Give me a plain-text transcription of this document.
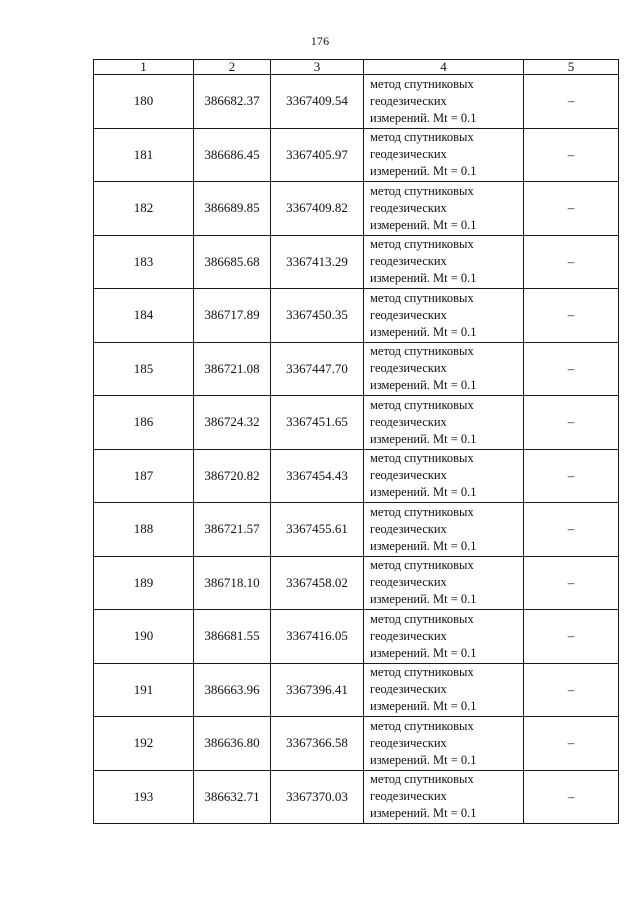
176
1	2	3	4	5
180	386682.37	3367409.54	метод спутниковых
геодезических
измерений. Mt = 0.1	–
181	386686.45	3367405.97	метод спутниковых
геодезических
измерений. Mt = 0.1	–
182	386689.85	3367409.82	метод спутниковых
геодезических
измерений. Mt = 0.1	–
183	386685.68	3367413.29	метод спутниковых
геодезических
измерений. Mt = 0.1	–
184	386717.89	3367450.35	метод спутниковых
геодезических
измерений. Mt = 0.1	–
185	386721.08	3367447.70	метод спутниковых
геодезических
измерений. Mt = 0.1	–
186	386724.32	3367451.65	метод спутниковых
геодезических
измерений. Mt = 0.1	–
187	386720.82	3367454.43	метод спутниковых
геодезических
измерений. Mt = 0.1	–
188	386721.57	3367455.61	метод спутниковых
геодезических
измерений. Mt = 0.1	–
189	386718.10	3367458.02	метод спутниковых
геодезических
измерений. Mt = 0.1	–
190	386681.55	3367416.05	метод спутниковых
геодезических
измерений. Mt = 0.1	–
191	386663.96	3367396.41	метод спутниковых
геодезических
измерений. Mt = 0.1	–
192	386636.80	3367366.58	метод спутниковых
геодезических
измерений. Mt = 0.1	–
193	386632.71	3367370.03	метод спутниковых
геодезических
измерений. Mt = 0.1	–
